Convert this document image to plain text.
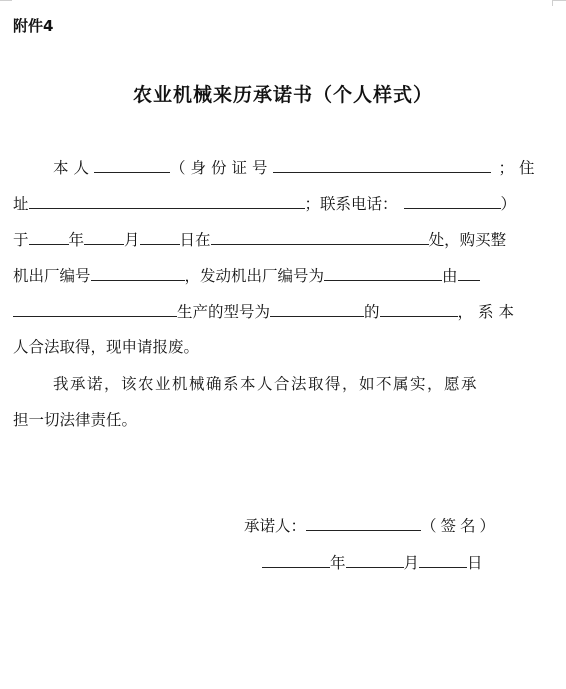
附件4
农业机械来历承诺书（个人样式）
本人	（身份证号	；住
址	；联系电话：	）
于	年	月	日在	处，购买整
机出厂编号	，发动机出厂编号为	由
生产的型号为	的	，系本
人合法取得，现申请报废。
我承诺，该农业机械确系本人合法取得，如不属实，愿承
担一切法律责任。
承诺人：	（签名）
年	月	日
